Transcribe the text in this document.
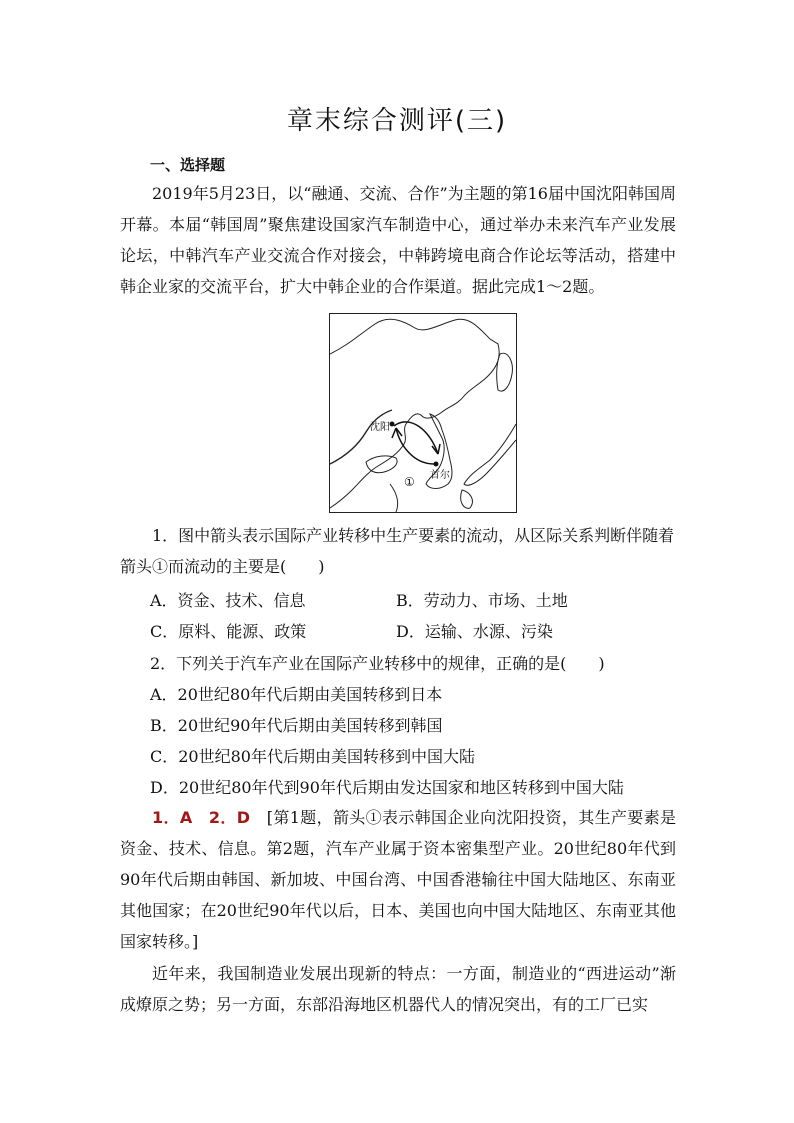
章末综合测评(三)
一、选择题
2019年5月23日，以“融通、交流、合作”为主题的第16届中国沈阳韩国周开幕。本届“韩国周”聚焦建设国家汽车制造中心，通过举办未来汽车产业发展论坛，中韩汽车产业交流合作对接会，中韩跨境电商合作论坛等活动，搭建中韩企业家的交流平台，扩大中韩企业的合作渠道。据此完成1～2题。
沈阳
首尔
①
1．图中箭头表示国际产业转移中生产要素的流动，从区际关系判断伴随着箭头①而流动的主要是(　　)
A．资金、技术、信息	B．劳动力、市场、土地
C．原料、能源、政策	D．运输、水源、污染
2．下列关于汽车产业在国际产业转移中的规律，正确的是(　　)
A．20世纪80年代后期由美国转移到日本
B．20世纪90年代后期由美国转移到韩国
C．20世纪80年代后期由美国转移到中国大陆
D．20世纪80年代到90年代后期由发达国家和地区转移到中国大陆
1．A　2．D　 [第1题，箭头①表示韩国企业向沈阳投资，其生产要素是资金、技术、信息。第2题，汽车产业属于资本密集型产业。20世纪80年代到90年代后期由韩国、新加坡、中国台湾、中国香港输往中国大陆地区、东南亚其他国家；在20世纪90年代以后，日本、美国也向中国大陆地区、东南亚其他国家转移。]
近年来，我国制造业发展出现新的特点：一方面，制造业的“西进运动”渐成燎原之势；另一方面，东部沿海地区机器代人的情况突出，有的工厂已实
